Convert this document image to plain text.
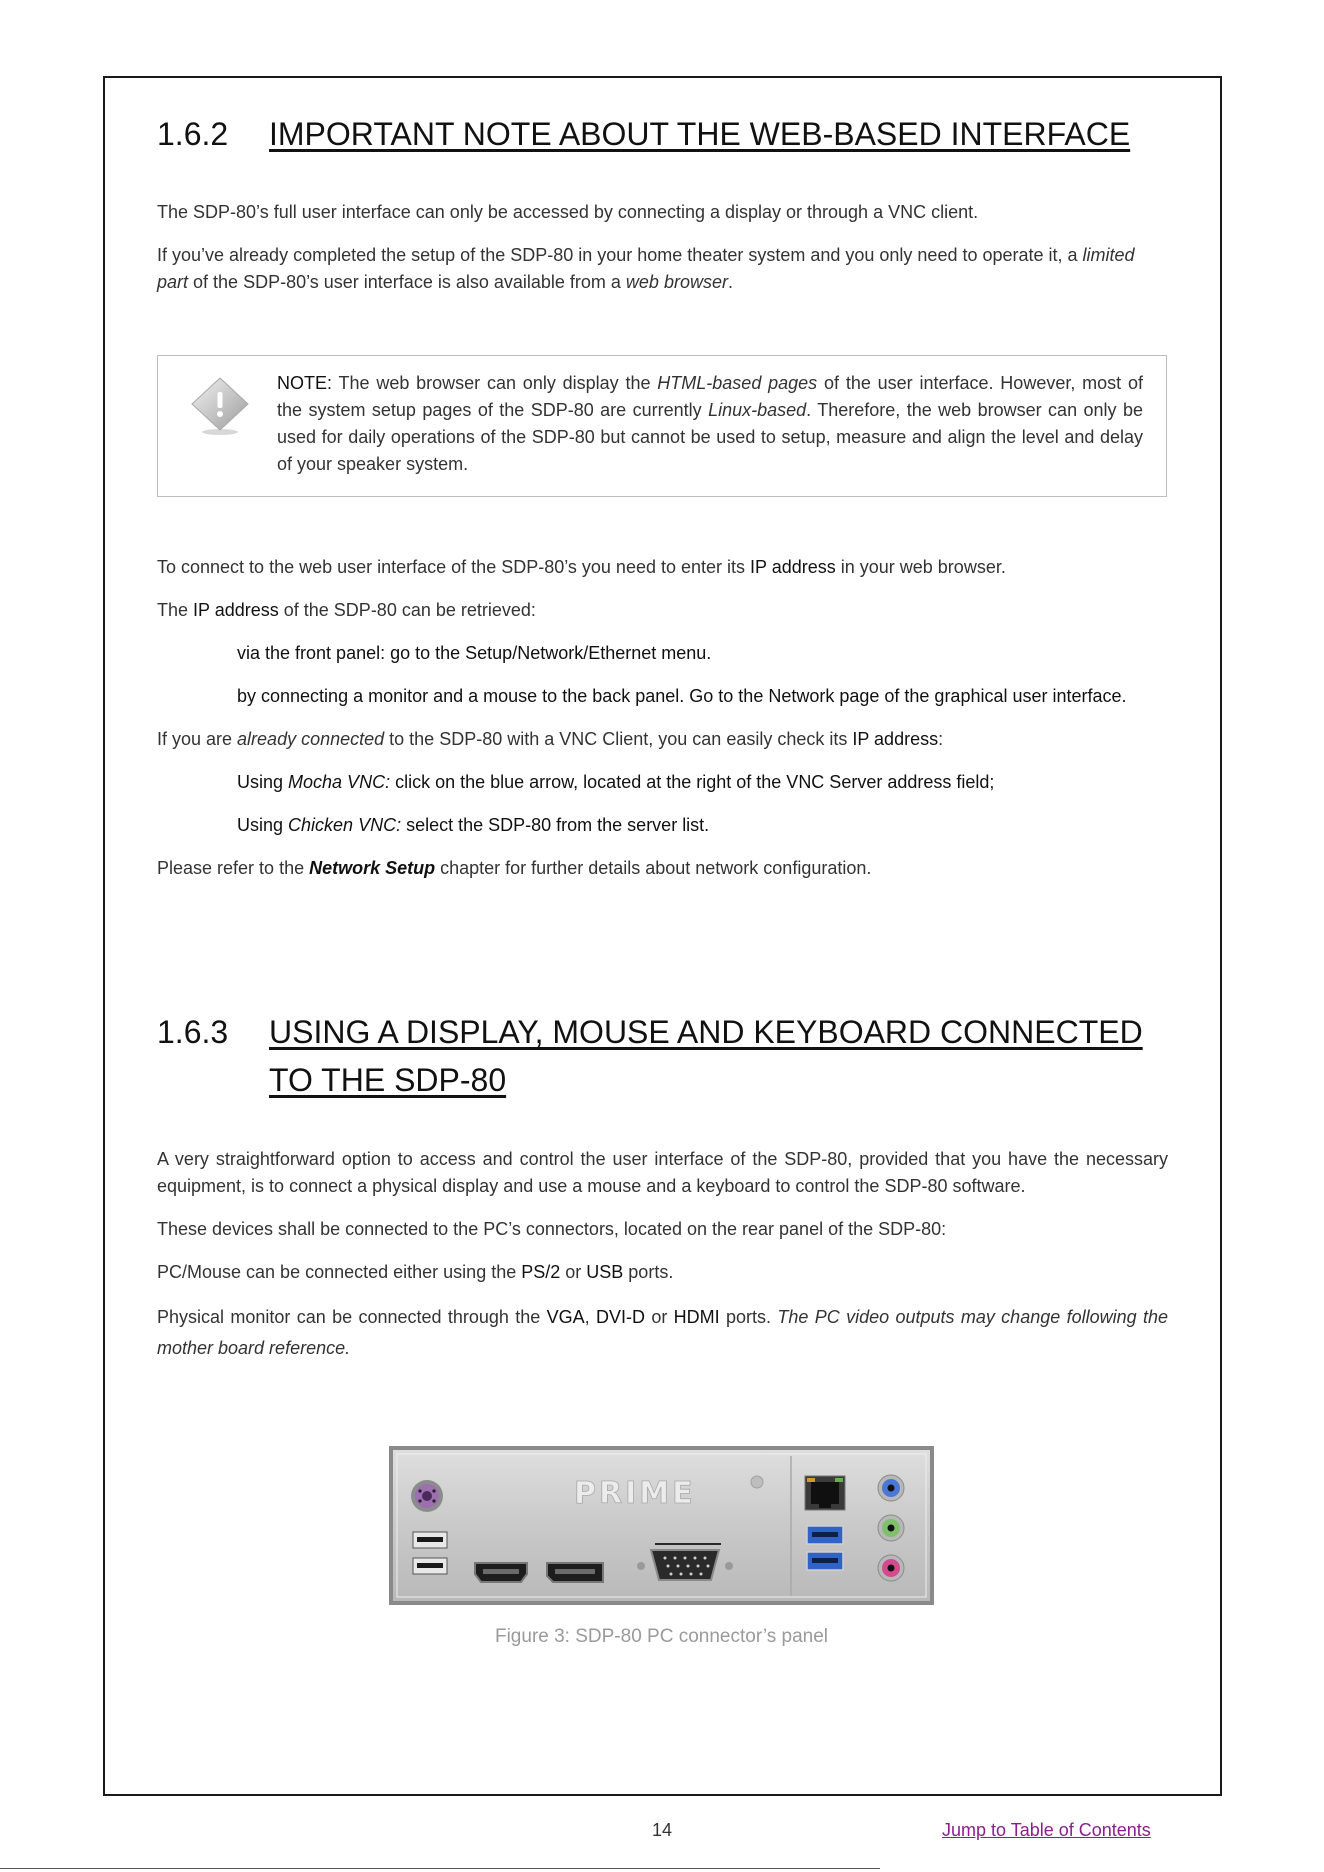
1.6.2	IMPORTANT NOTE ABOUT THE WEB-BASED INTERFACE

The SDP-80’s full user interface can only be accessed by connecting a display or through a VNC client.

If you’ve already completed the setup of the SDP-80 in your home theater system and you only need to operate it, a limited part of the SDP-80’s user interface is also available from a web browser.

NOTE: The web browser can only display the HTML-based pages of the user interface. However, most of the system setup pages of the SDP-80 are currently Linux-based. Therefore, the web browser can only be used for daily operations of the SDP-80 but cannot be used to setup, measure and align the level and delay of your speaker system.

To connect to the web user interface of the SDP-80’s you need to enter its IP address in your web browser.

The IP address of the SDP-80 can be retrieved:

via the front panel: go to the Setup/Network/Ethernet menu.

by connecting a monitor and a mouse to the back panel. Go to the Network page of the graphical user interface.

If you are already connected to the SDP-80 with a VNC Client, you can easily check its IP address:

Using Mocha VNC: click on the blue arrow, located at the right of the VNC Server address field;

Using Chicken VNC: select the SDP-80 from the server list.

Please refer to the Network Setup chapter for further details about network configuration.

1.6.3	USING A DISPLAY, MOUSE AND KEYBOARD CONNECTED
TO THE SDP-80

A very straightforward option to access and control the user interface of the SDP-80, provided that you have the necessary equipment, is to connect a physical display and use a mouse and a keyboard to control the SDP-80 software.

These devices shall be connected to the PC’s connectors, located on the rear panel of the SDP-80:

PC/Mouse can be connected either using the PS/2 or USB ports.

Physical monitor can be connected through the VGA, DVI-D or HDMI ports. The PC video outputs may change following the mother board reference.

PRIME
Figure 3: SDP-80 PC connector’s panel
14	Jump to Table of Contents
